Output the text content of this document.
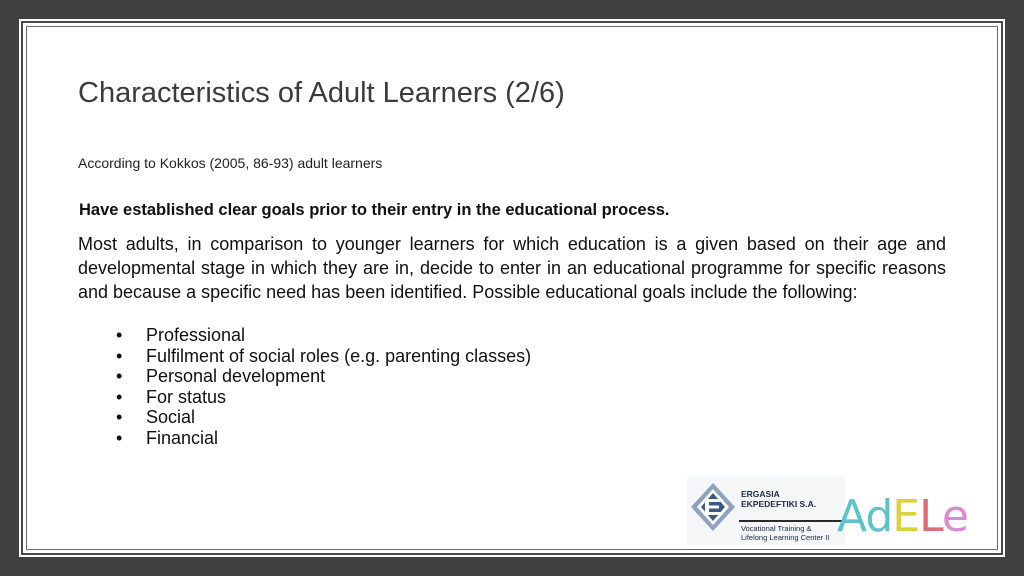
Characteristics of Adult Learners (2/6)
According to Kokkos (2005, 86-93) adult learners
Have established clear goals prior to their entry in the educational process.
Most adults, in comparison to younger learners for which education is a given based on their age and developmental stage in which they are in, decide to enter in an educational programme for specific reasons and because a specific need has been identified. Possible educational goals include the following:
• Professional
• Fulfilment of social roles (e.g. parenting classes)
• Personal development
• For status
• Social
• Financial
ERGASIA
EKPEDEFTIKI S.A.
Vocational Training &
Lifelong Learning Center II AdELe
